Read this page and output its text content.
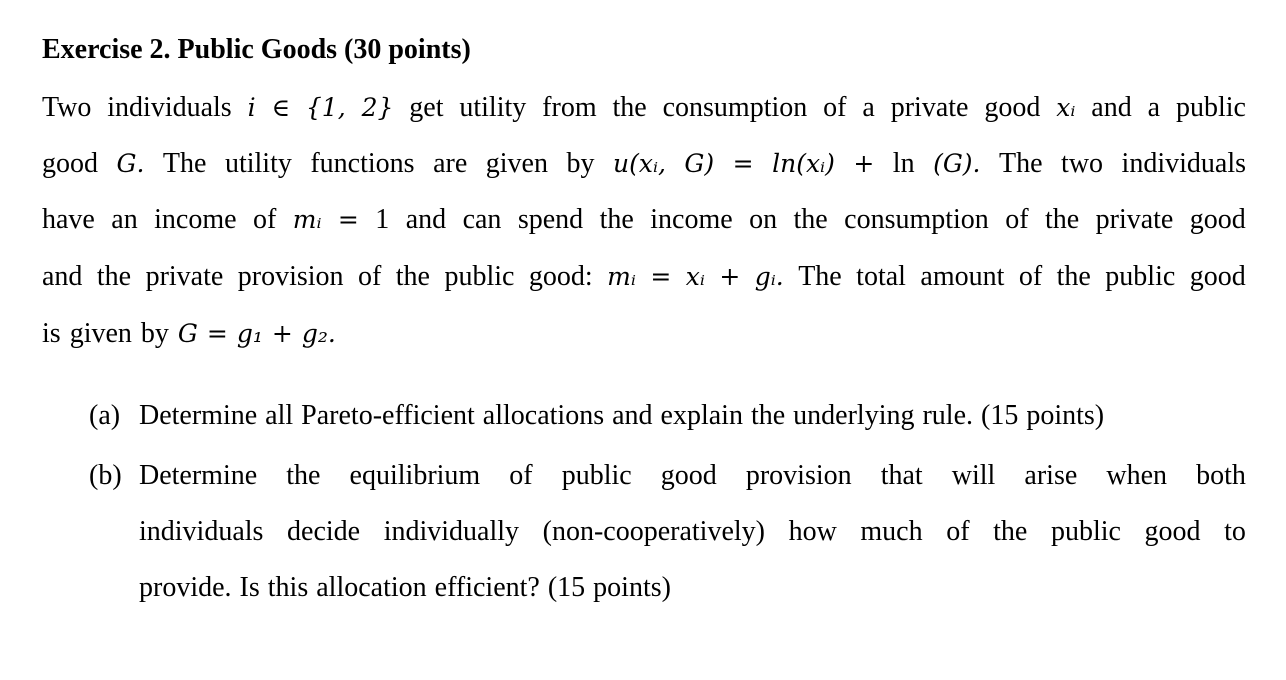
Exercise 2. Public Goods (30 points)
Two individuals 𝑖 ∈ {1, 2} get utility from the consumption of a private good 𝑥ᵢ and a public
good 𝐺. The utility functions are given by 𝑢(𝑥ᵢ, 𝐺) = ln(𝑥ᵢ) + ln (𝐺). The two individuals
have an income of 𝑚ᵢ = 1 and can spend the income on the consumption of the private good
and the private provision of the public good: 𝑚ᵢ = 𝑥ᵢ + 𝑔ᵢ. The total amount of the public good
is given by 𝐺 = 𝑔₁ + 𝑔₂.
(a) Determine all Pareto-efficient allocations and explain the underlying rule. (15 points)
(b) Determine the equilibrium of public good provision that will arise when both
individuals decide individually (non-cooperatively) how much of the public good to
provide. Is this allocation efficient? (15 points)
